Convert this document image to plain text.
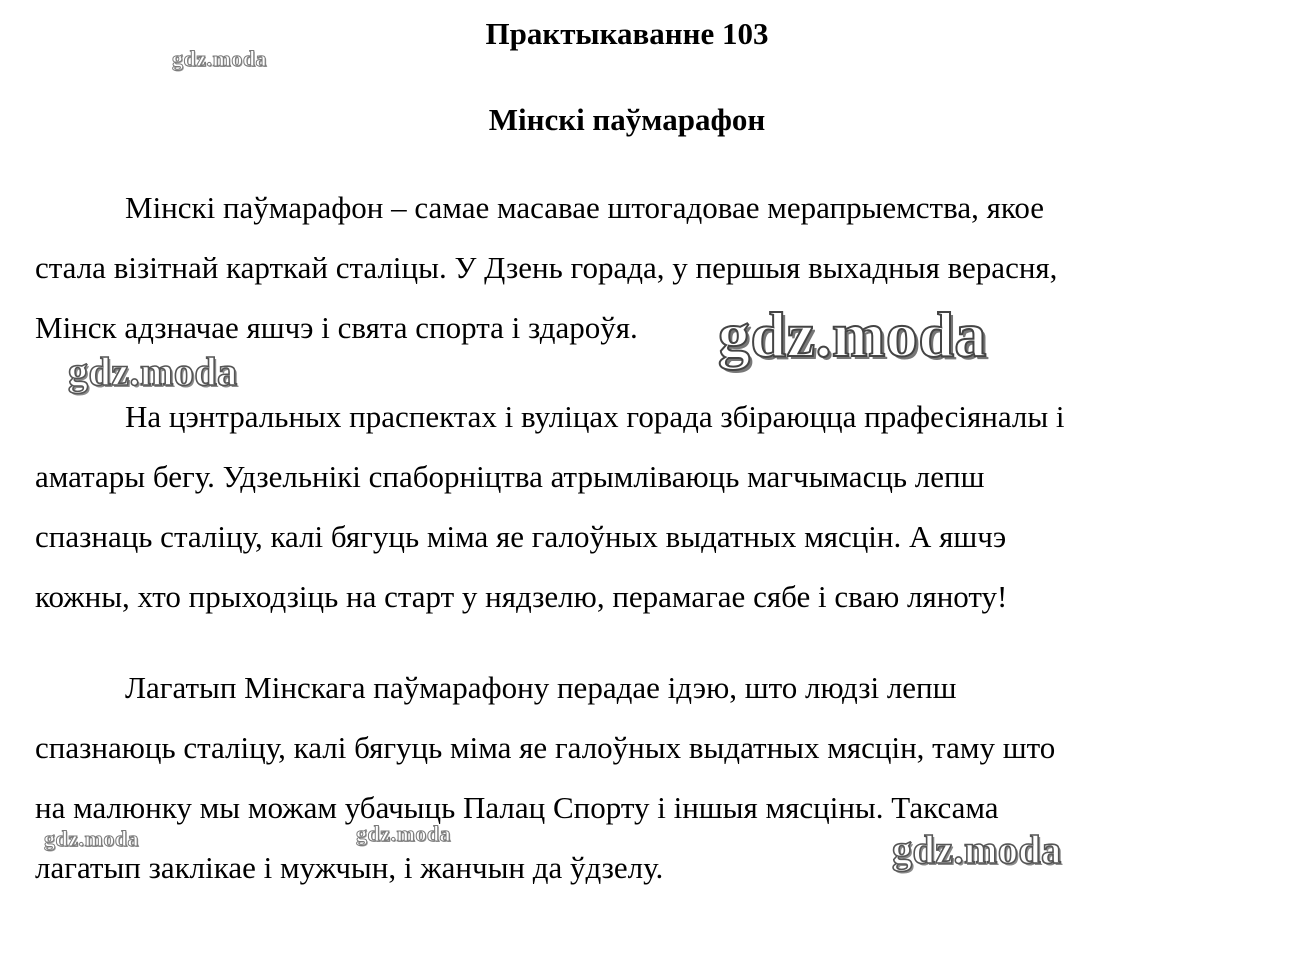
Практыкаванне 103
Мінскі паўмарафон
Мінскі паўмарафон – самае масавае штогадовае мерапрыемства, якое
стала візітнай карткай сталіцы. У Дзень горада, у першыя выхадныя верасня,
Мінск адзначае яшчэ і свята спорта і здароўя.
На цэнтральных праспектах і вуліцах горада збіраюцца прафесіяналы і
аматары бегу. Удзельнікі спаборніцтва атрымліваюць магчымасць лепш
спазнаць сталіцу, калі бягуць міма яе галоўных выдатных мясцін. А яшчэ
кожны, хто прыходзіць на старт у нядзелю, перамагае сябе і сваю ляноту!
Лагатып Мінскага паўмарафону перадае ідэю, што людзі лепш
спазнаюць сталіцу, калі бягуць міма яе галоўных выдатных мясцін, таму што
на малюнку мы можам убачыць Палац Спорту і іншыя мясціны. Таксама
лагатып заклікае і мужчын, і жанчын да ўдзелу.
gdz.moda
gdz.moda
gdz.moda
gdz.moda	gdz.moda	gdz.moda
